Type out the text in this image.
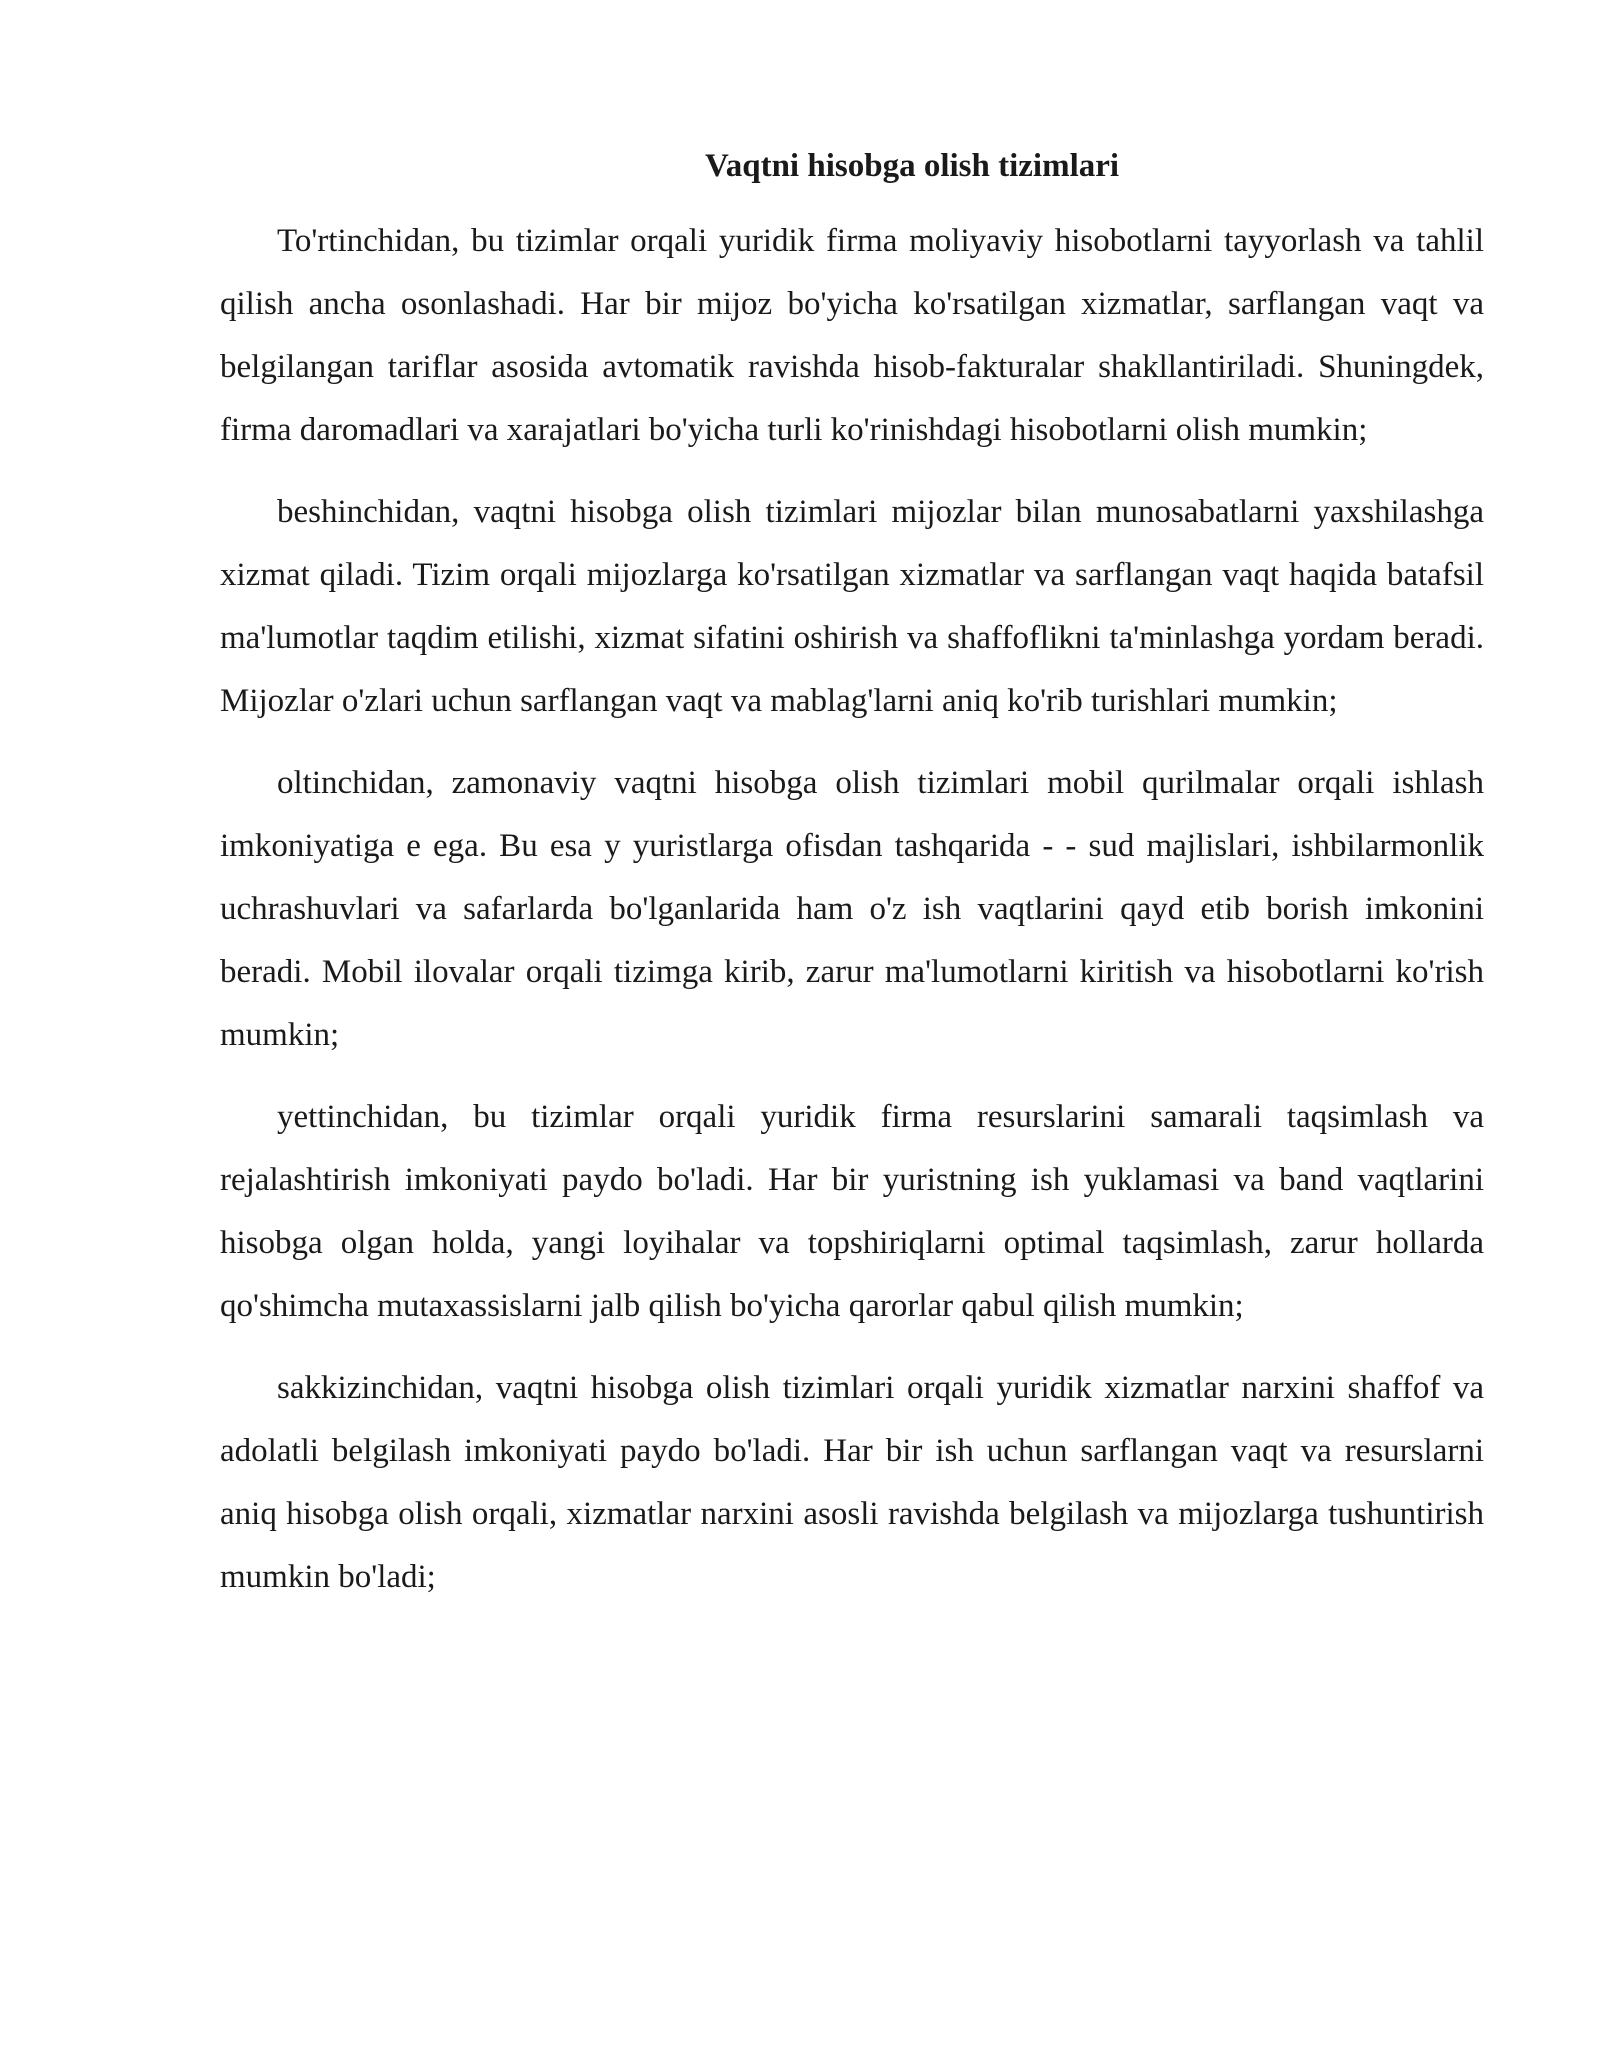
Vaqtni hisobga olish tizimlari

To'rtinchidan, bu tizimlar orqali yuridik firma moliyaviy hisobotlarni tayyorlash va tahlil qilish ancha osonlashadi. Har bir mijoz bo'yicha ko'rsatilgan xizmatlar, sarflangan vaqt va belgilangan tariflar asosida avtomatik ravishda hisob-fakturalar shakllantiriladi. Shuningdek, firma daromadlari va xarajatlari bo'yicha turli ko'rinishdagi hisobotlarni olish mumkin;

beshinchidan, vaqtni hisobga olish tizimlari mijozlar bilan munosabatlarni yaxshilashga xizmat qiladi. Tizim orqali mijozlarga ko'rsatilgan xizmatlar va sarflangan vaqt haqida batafsil ma'lumotlar taqdim etilishi, xizmat sifatini oshirish va shaffoflikni ta'minlashga yordam beradi. Mijozlar o'zlari uchun sarflangan vaqt va mablag'larni aniq ko'rib turishlari mumkin;

oltinchidan, zamonaviy vaqtni hisobga olish tizimlari mobil qurilmalar orqali ishlash imkoniyatiga e ega. Bu esa y yuristlarga ofisdan tashqarida - - sud majlislari, ishbilarmonlik uchrashuvlari va safarlarda bo'lganlarida ham o'z ish vaqtlarini qayd etib borish imkonini beradi. Mobil ilovalar orqali tizimga kirib, zarur ma'lumotlarni kiritish va hisobotlarni ko'rish mumkin;

yettinchidan, bu tizimlar orqali yuridik firma resurslarini samarali taqsimlash va rejalashtirish imkoniyati paydo bo'ladi. Har bir yuristning ish yuklamasi va band vaqtlarini hisobga olgan holda, yangi loyihalar va topshiriqlarni optimal taqsimlash, zarur hollarda qo'shimcha mutaxassislarni jalb qilish bo'yicha qarorlar qabul qilish mumkin;

sakkizinchidan, vaqtni hisobga olish tizimlari orqali yuridik xizmatlar narxini shaffof va adolatli belgilash imkoniyati paydo bo'ladi. Har bir ish uchun sarflangan vaqt va resurslarni aniq hisobga olish orqali, xizmatlar narxini asosli ravishda belgilash va mijozlarga tushuntirish mumkin bo'ladi;
